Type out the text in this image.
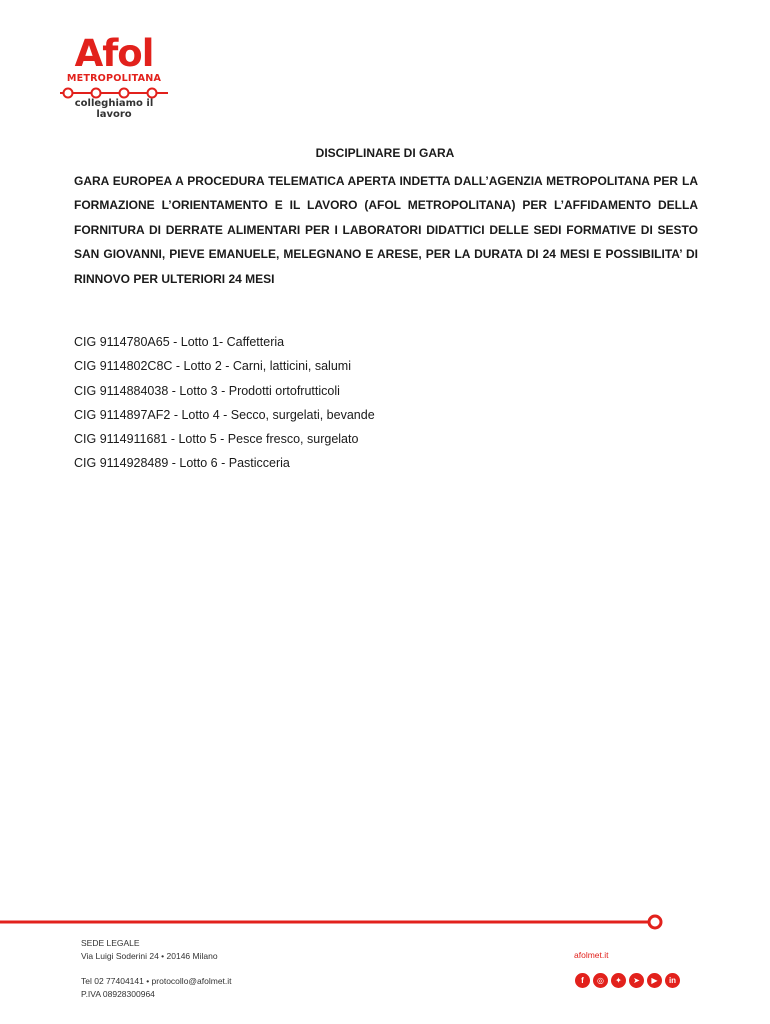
Afol
METROPOLITANA
colleghiamo il lavoro
DISCIPLINARE DI GARA

GARA EUROPEA A PROCEDURA TELEMATICA APERTA INDETTA DALL’AGENZIA METROPOLITANA PER LA FORMAZIONE L’ORIENTAMENTO E IL LAVORO (AFOL METROPOLITANA) PER L’AFFIDAMENTO DELLA FORNITURA DI DERRATE ALIMENTARI PER I LABORATORI DIDATTICI DELLE SEDI FORMATIVE DI SESTO SAN GIOVANNI, PIEVE EMANUELE, MELEGNANO E ARESE, PER LA DURATA DI 24 MESI E POSSIBILITA’ DI RINNOVO PER ULTERIORI 24 MESI

CIG 9114780A65 - Lotto 1- Caffetteria
CIG 9114802C8C - Lotto 2 - Carni, latticini, salumi
CIG 9114884038 - Lotto 3 - Prodotti ortofrutticoli
CIG 9114897AF2 - Lotto 4 - Secco, surgelati, bevande
CIG 9114911681 - Lotto 5 - Pesce fresco, surgelato
CIG 9114928489 - Lotto 6 - Pasticceria
SEDE LEGALE
Via Luigi Soderini 24 • 20146 Milano
Tel 02 77404141 • protocollo@afolmet.it
P.IVA 08928300964
afolmet.it
f	◎	✦	➤	▶	in
